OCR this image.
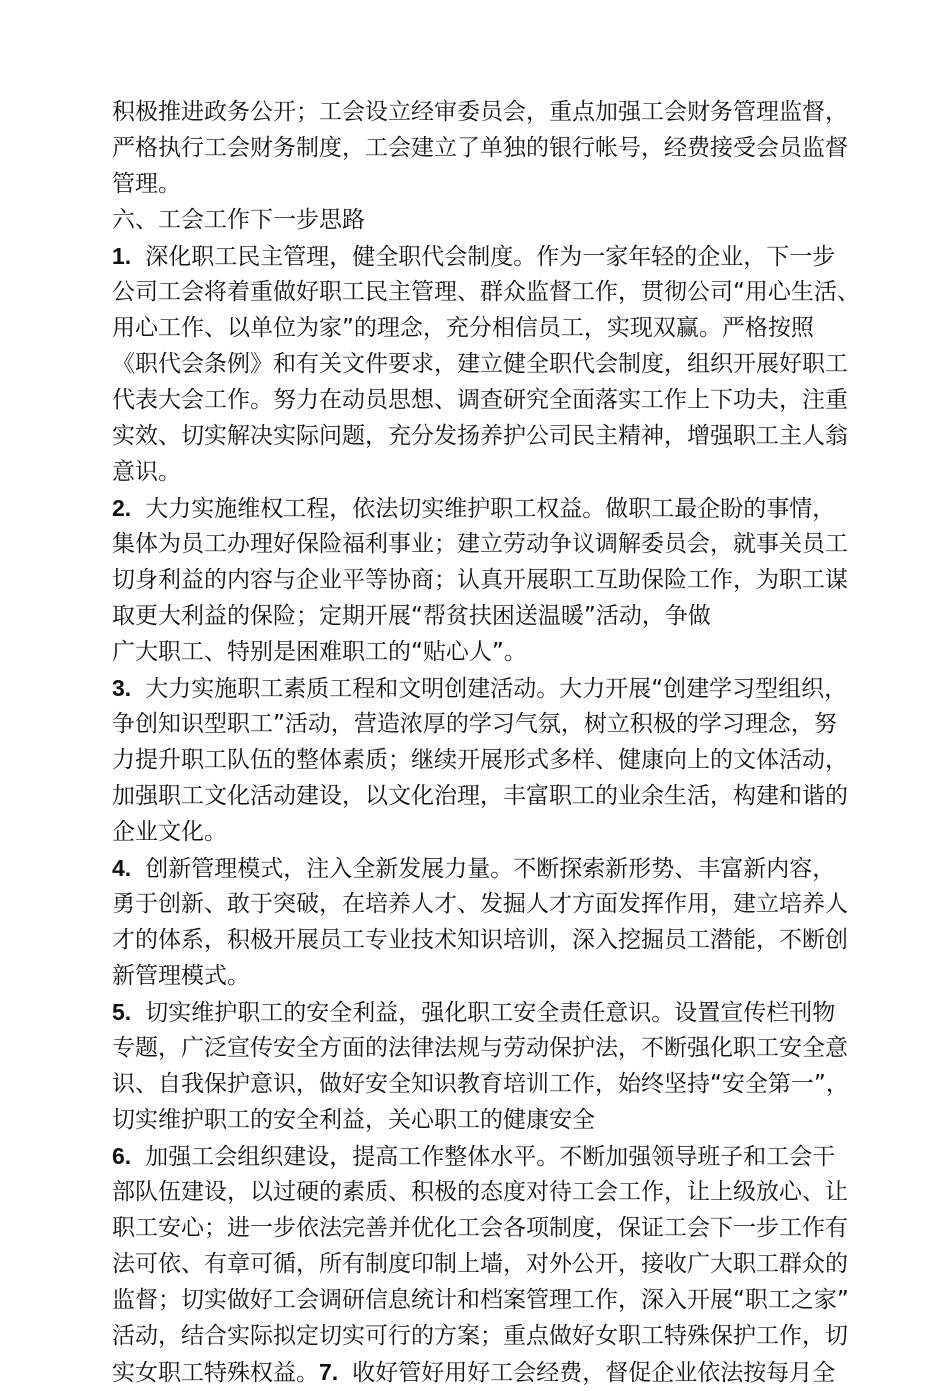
积极推进政务公开；工会设立经审委员会，重点加强工会财务管理监督，
严格执行工会财务制度，工会建立了单独的银行帐号，经费接受会员监督
管理。
六、工会工作下一步思路
1. 深化职工民主管理，健全职代会制度。作为一家年轻的企业，下一步
公司工会将着重做好职工民主管理、群众监督工作，贯彻公司“用心生活、
用心工作、以单位为家”的理念，充分相信员工，实现双赢。严格按照
《职代会条例》和有关文件要求，建立健全职代会制度，组织开展好职工
代表大会工作。努力在动员思想、调查研究全面落实工作上下功夫，注重
实效、切实解决实际问题，充分发扬养护公司民主精神，增强职工主人翁
意识。
2. 大力实施维权工程，依法切实维护职工权益。做职工最企盼的事情，
集体为员工办理好保险福利事业；建立劳动争议调解委员会，就事关员工
切身利益的内容与企业平等协商；认真开展职工互助保险工作，为职工谋
取更大利益的保险；定期开展“帮贫扶困送温暖”活动，争做
广大职工、特别是困难职工的“贴心人”。
3. 大力实施职工素质工程和文明创建活动。大力开展“创建学习型组织，
争创知识型职工”活动，营造浓厚的学习气氛，树立积极的学习理念，努
力提升职工队伍的整体素质；继续开展形式多样、健康向上的文体活动，
加强职工文化活动建设，以文化治理，丰富职工的业余生活，构建和谐的
企业文化。
4. 创新管理模式，注入全新发展力量。不断探索新形势、丰富新内容，
勇于创新、敢于突破，在培养人才、发掘人才方面发挥作用，建立培养人
才的体系，积极开展员工专业技术知识培训，深入挖掘员工潜能，不断创
新管理模式。
5. 切实维护职工的安全利益，强化职工安全责任意识。设置宣传栏刊物
专题，广泛宣传安全方面的法律法规与劳动保护法，不断强化职工安全意
识、自我保护意识，做好安全知识教育培训工作，始终坚持“安全第一”，
切实维护职工的安全利益，关心职工的健康安全
6. 加强工会组织建设，提高工作整体水平。不断加强领导班子和工会干
部队伍建设，以过硬的素质、积极的态度对待工会工作，让上级放心、让
职工安心；进一步依法完善并优化工会各项制度，保证工会下一步工作有
法可依、有章可循，所有制度印制上墙，对外公开，接收广大职工群众的
监督；切实做好工会调研信息统计和档案管理工作，深入开展“职工之家”
活动，结合实际拟定切实可行的方案；重点做好女职工特殊保护工作，切
实女职工特殊权益。7. 收好管好用好工会经费，督促企业依法按每月全
